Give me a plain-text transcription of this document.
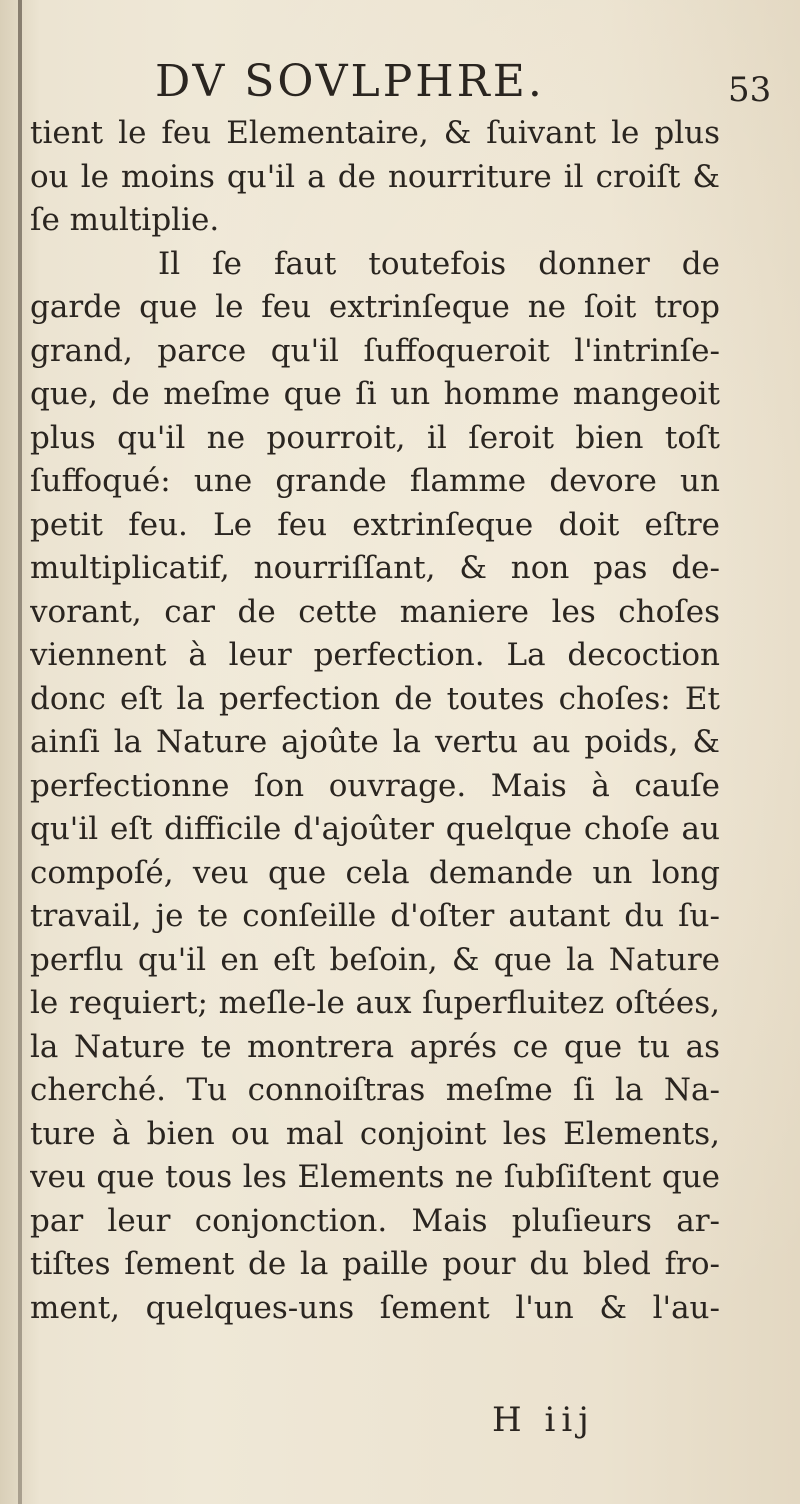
DV SOVLPHRE.	53
tient le feu Elementaire, & ſuivant le plus
ou le moins qu'il a de nourriture il croiſt &
ſe multiplie.
Il ſe faut toutefois donner de
garde que le feu extrinſeque ne ſoit trop
grand, parce qu'il ſuffoqueroit l'intrinſe-
que, de meſme que ſi un homme mangeoit
plus qu'il ne pourroit, il ſeroit bien toſt
ſuffoqué: une grande flamme devore un
petit feu. Le feu extrinſeque doit eſtre
multiplicatif, nourriſſant, & non pas de-
vorant, car de cette maniere les choſes
viennent à leur perfection. La decoction
donc eſt la perfection de toutes choſes: Et
ainſi la Nature ajoûte la vertu au poids, &
perfectionne ſon ouvrage. Mais à cauſe
qu'il eſt difficile d'ajoûter quelque choſe au
compoſé, veu que cela demande un long
travail, je te conſeille d'oſter autant du ſu-
perflu qu'il en eſt beſoin, & que la Nature
le requiert; meſle-le aux ſuperfluitez oſtées,
la Nature te montrera aprés ce que tu as
cherché. Tu connoiſtras meſme ſi la Na-
ture à bien ou mal conjoint les Elements,
veu que tous les Elements ne ſubſiſtent que
par leur conjonction. Mais pluſieurs ar-
tiſtes ſement de la paille pour du bled fro-
ment, quelques-uns ſement l'un & l'au-
H iij
